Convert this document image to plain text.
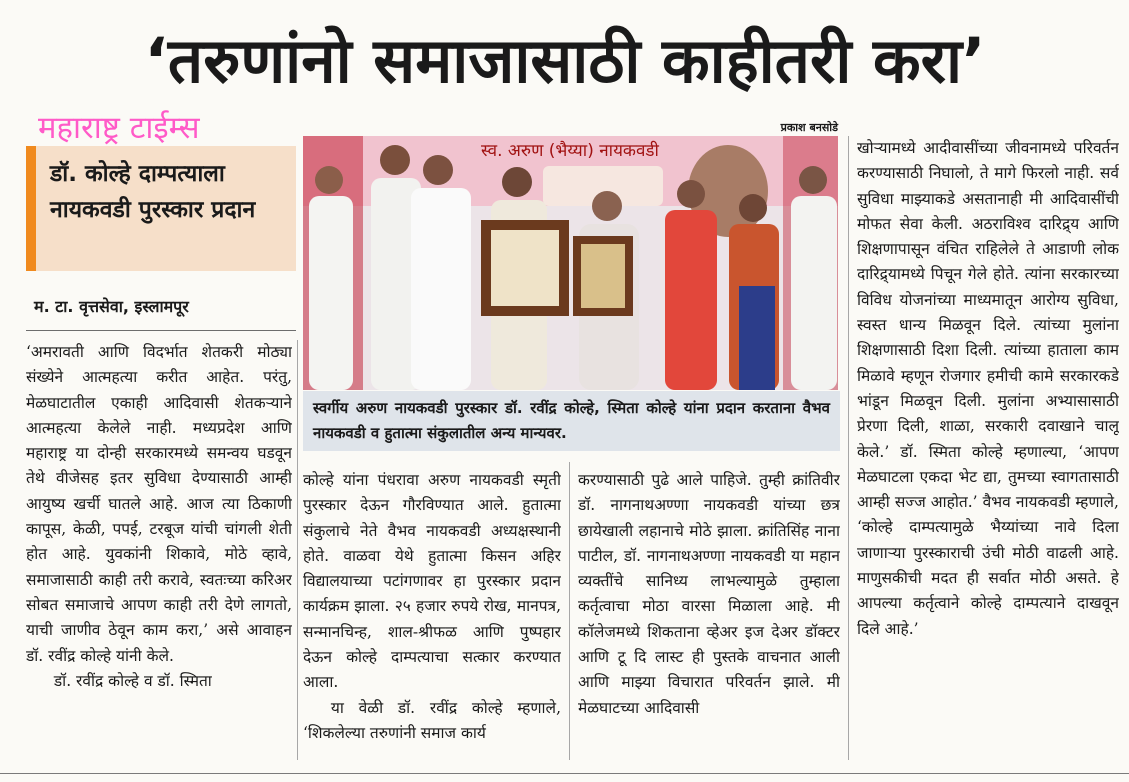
‘तरुणांनो समाजासाठी काहीतरी करा’
महाराष्ट्र टाईम्स
डॉ. कोल्हे दाम्पत्याला नायकवडी पुरस्कार प्रदान
म. टा. वृत्तसेवा, इस्लामपूर

‘अमरावती आणि विदर्भात शेतकरी मोठ्या संख्येने आत्महत्या करीत आहेत. परंतु, मेळघाटातील एकाही आदिवासी शेतकऱ्याने आत्महत्या केलेले नाही. मध्यप्रदेश आणि महाराष्ट्र या दोन्ही सरकारमध्ये समन्वय घडवून तेथे वीजेसह इतर सुविधा देण्यासाठी आम्ही आयुष्य खर्ची घातले आहे. आज त्या ठिकाणी कापूस, केळी, पपई, टरबूज यांची चांगली शेती होत आहे. युवकांनी शिकावे, मोठे व्हावे, समाजासाठी काही तरी करावे, स्वतःच्या करिअर सोबत समाजाचे आपण काही तरी देणे लागतो, याची जाणीव ठेवून काम करा,’ असे आवाहन डॉ. रवींद्र कोल्हे यांनी केले.

डॉ. रवींद्र कोल्हे व डॉ. स्मिता

प्रकाश बनसोडे
स्व. अरुण (भैय्या) नायकवडी
स्वर्गीय अरुण नायकवडी पुरस्कार डॉ. रवींद्र कोल्हे, स्मिता कोल्हे यांना प्रदान करताना वैभव नायकवडी व हुतात्मा संकुलातील अन्य मान्यवर.

कोल्हे यांना पंधरावा अरुण नायकवडी स्मृती पुरस्कार देऊन गौरविण्यात आले. हुतात्मा संकुलाचे नेते वैभव नायकवडी अध्यक्षस्थानी होते. वाळवा येथे हुतात्मा किसन अहिर विद्यालयाच्या पटांगणावर हा पुरस्कार प्रदान कार्यक्रम झाला. २५ हजार रुपये रोख, मानपत्र, सन्मानचिन्ह, शाल-श्रीफळ आणि पुष्पहार देऊन कोल्हे दाम्पत्याचा सत्कार करण्यात आला.

या वेळी डॉ. रवींद्र कोल्हे म्हणाले, ‘शिकलेल्या तरुणांनी समाज कार्य

करण्यासाठी पुढे आले पाहिजे. तुम्ही क्रांतिवीर डॉ. नागनाथअण्णा नायकवडी यांच्या छत्र छायेखाली लहानाचे मोठे झाला. क्रांतिसिंह नाना पाटील, डॉ. नागनाथअण्णा नायकवडी या महान व्यक्तींचे सानिध्य लाभल्यामुळे तुम्हाला कर्तृत्वाचा मोठा वारसा मिळाला आहे. मी कॉलेजमध्ये शिकताना व्हेअर इज देअर डॉक्टर आणि टू दि लास्ट ही पुस्तके वाचनात आली आणि माझ्या विचारात परिवर्तन झाले. मी मेळघाटच्या आदिवासी

खोऱ्यामध्ये आदीवासींच्या जीवनामध्ये परिवर्तन करण्यासाठी निघालो, ते मागे फिरलो नाही. सर्व सुविधा माझ्याकडे असतानाही मी आदिवासींची मोफत सेवा केली. अठराविश्व दारिद्र्य आणि शिक्षणापासून वंचित राहिलेले ते आडाणी लोक दारिद्र्यामध्ये पिचून गेले होते. त्यांना सरकारच्या विविध योजनांच्या माध्यमातून आरोग्य सुविधा, स्वस्त धान्य मिळवून दिले. त्यांच्या मुलांना शिक्षणासाठी दिशा दिली. त्यांच्या हाताला काम मिळावे म्हणून रोजगार हमीची कामे सरकारकडे भांडून मिळवून दिली. मुलांना अभ्यासासाठी प्रेरणा दिली, शाळा, सरकारी दवाखाने चालू केले.’ डॉ. स्मिता कोल्हे म्हणाल्या, ‘आपण मेळघाटला एकदा भेट द्या, तुमच्या स्वागतासाठी आम्ही सज्ज आहोत.’ वैभव नायकवडी म्हणाले, ‘कोल्हे दाम्पत्यामुळे भैय्यांच्या नावे दिला जाणाऱ्या पुरस्काराची उंची मोठी वाढली आहे. माणुसकीची मदत ही सर्वात मोठी असते. हे आपल्या कर्तृत्वाने कोल्हे दाम्पत्याने दाखवून दिले आहे.’
